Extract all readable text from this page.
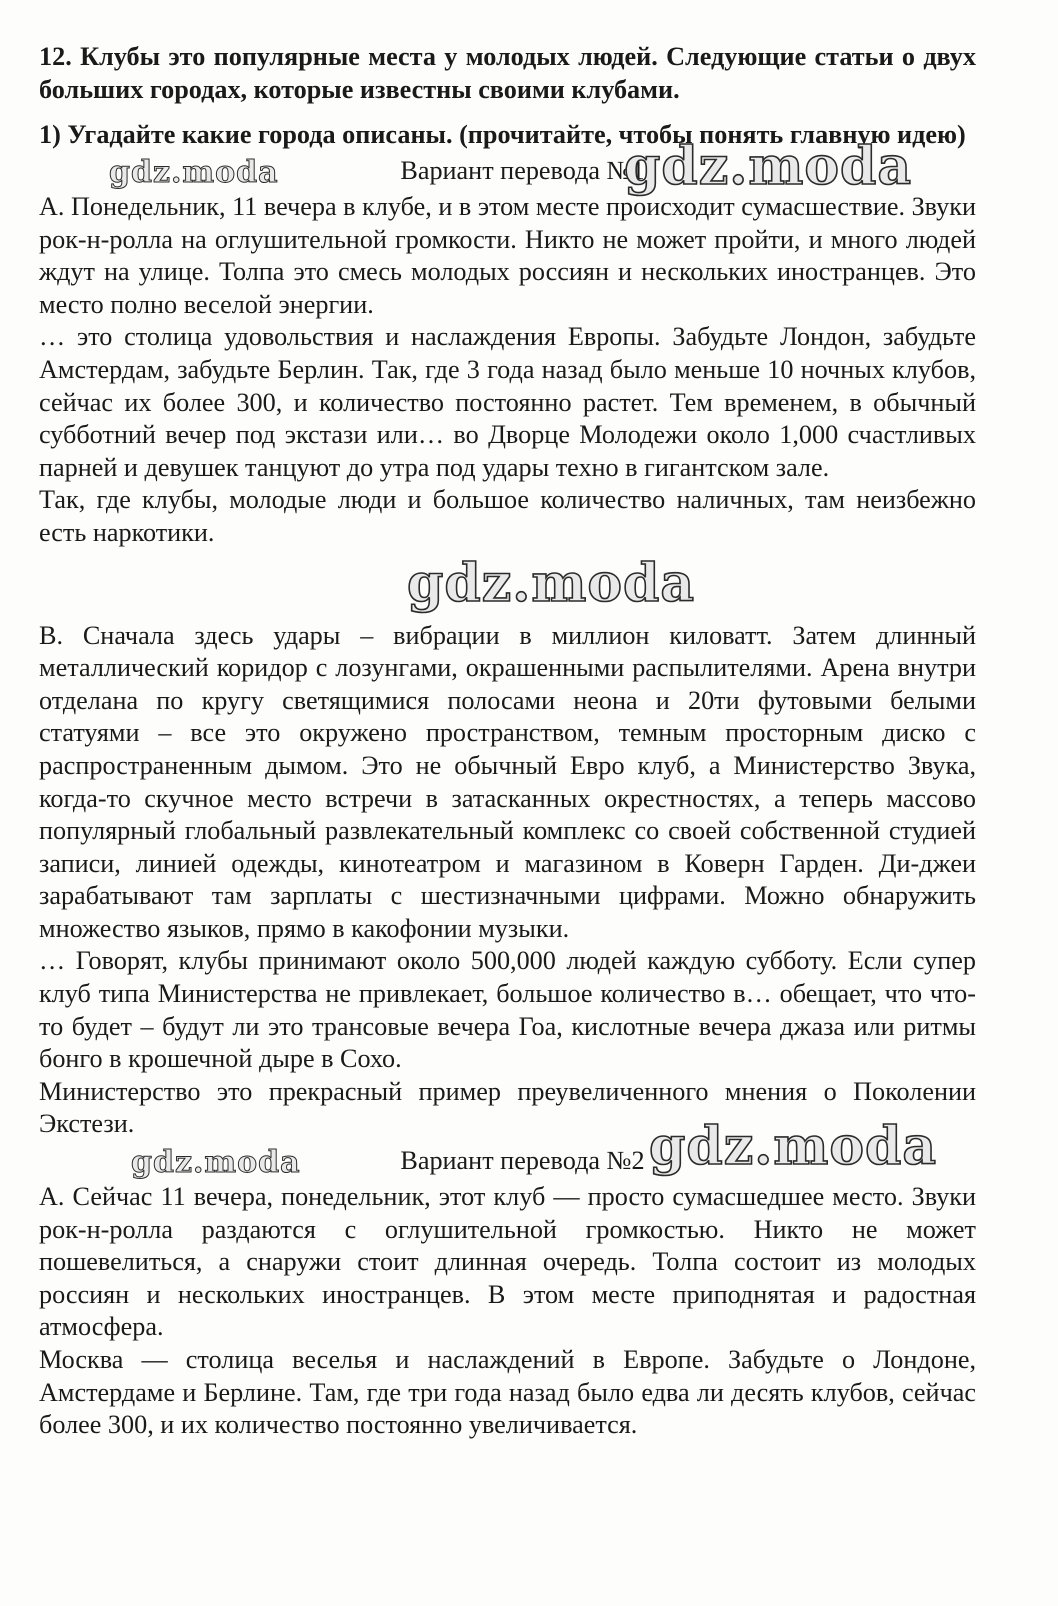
12. Клубы это популярные места у молодых людей. Следующие статьи о двух больших городах, которые известны своими клубами.

1) Угадайте какие города описаны. (прочитайте, чтобы понять главную идею)

gdz.moda	Вариант перевода №1
gdz.moda

А. Понедельник, 11 вечера в клубе, и в этом месте происходит сумасшествие. Звуки рок-н-ролла на оглушительной громкости. Никто не может пройти, и много людей ждут на улице. Толпа это смесь молодых россиян и нескольких иностранцев. Это место полно веселой энергии.

… это столица удовольствия и наслаждения Европы. Забудьте Лондон, забудьте Амстердам, забудьте Берлин. Так, где 3 года назад было меньше 10 ночных клубов, сейчас их более 300, и количество постоянно растет. Тем временем, в обычный субботний вечер под экстази или… во Дворце Молодежи около 1,000 счастливых парней и девушек танцуют до утра под удары техно в гигантском зале.

Так, где клубы, молодые люди и большое количество наличных, там неизбежно есть наркотики.

gdz.moda

В. Сначала здесь удары – вибрации в миллион киловатт. Затем длинный металлический коридор с лозунгами, окрашенными распылителями. Арена внутри отделана по кругу светящимися полосами неона и 20ти футовыми белыми статуями – все это окружено пространством, темным просторным диско с распространенным дымом. Это не обычный Евро клуб, а Министерство Звука, когда-то скучное место встречи в затасканных окрестностях, а теперь массово популярный глобальный развлекательный комплекс со своей собственной студией записи, линией одежды, кинотеатром и магазином в Коверн Гарден. Ди-джеи зарабатывают там зарплаты с шестизначными цифрами. Можно обнаружить множество языков, прямо в какофонии музыки.

… Говорят, клубы принимают около 500,000 людей каждую субботу. Если супер клуб типа Министерства не привлекает, большое количество в… обещает, что что-то будет – будут ли это трансовые вечера Гоа, кислотные вечера джаза или ритмы бонго в крошечной дыре в Сохо.

Министерство это прекрасный пример преувеличенного мнения о Поколении Экстези.

gdz.moda	Вариант перевода №2 gdz.moda

А. Сейчас 11 вечера, понедельник, этот клуб — просто сумасшедшее место. Звуки рок-н-ролла раздаются с оглушительной громкостью. Никто не может пошевелиться, а снаружи стоит длинная очередь. Толпа состоит из молодых россиян и нескольких иностранцев. В этом месте приподнятая и радостная атмосфера.

Москва — столица веселья и наслаждений в Европе. Забудьте о Лондоне, Амстердаме и Берлине. Там, где три года назад было едва ли десять клубов, сейчас более 300, и их количество постоянно увеличивается.
